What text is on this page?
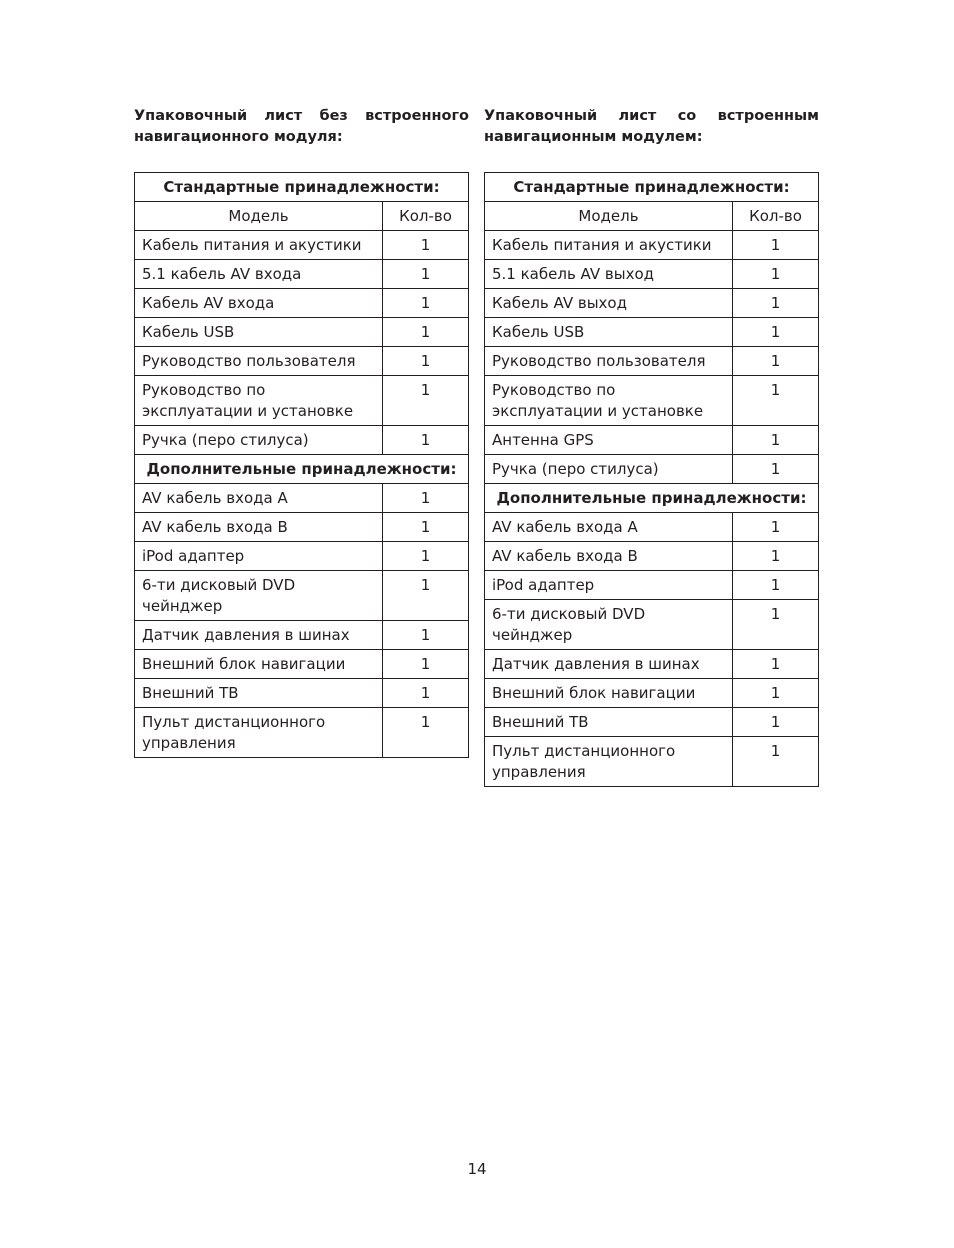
Упаковочный лист без встроенного навигационного модуля:
Стандартные принадлежности:	
Модель	Кол-во
Кабель питания и акустики	1
5.1 кабель AV входа	1
Кабель AV входа	1
Кабель USB	1
Руководство пользователя	1
Руководство по эксплуатации и установке	1
Ручка (перо стилуса)	1
Дополнительные принадлежности:	
AV кабель входа A	1
AV кабель входа B	1
iPod адаптер	1
6-ти дисковый DVD чейнджер	1
Датчик давления в шинах	1
Внешний блок навигации	1
Внешний ТВ	1
Пульт дистанционного управления	1
Упаковочный лист со встроенным навигационным модулем:
Стандартные принадлежности:	
Модель	Кол-во
Кабель питания и акустики	1
5.1 кабель AV выход	1
Кабель AV выход	1
Кабель USB	1
Руководство пользователя	1
Руководство по эксплуатации и установке	1
Антенна GPS	1
Ручка (перо стилуса)	1
Дополнительные принадлежности:	
AV кабель входа A	1
AV кабель входа B	1
iPod адаптер	1
6-ти дисковый DVD чейнджер	1
Датчик давления в шинах	1
Внешний блок навигации	1
Внешний ТВ	1
Пульт дистанционного управления	1
14
